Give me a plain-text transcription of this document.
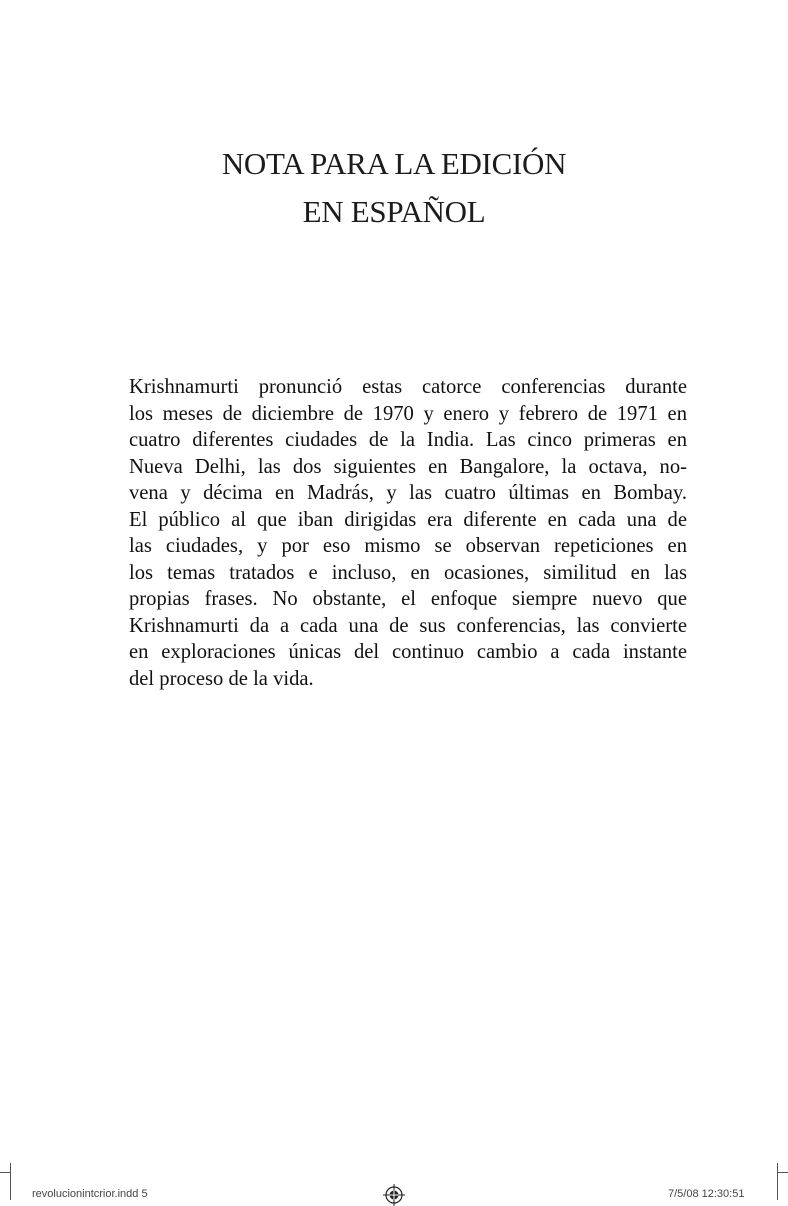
NOTA PARA LA EDICIÓN
EN ESPAÑOL

Krishnamurti pronunció estas catorce conferencias durante
los meses de diciembre de 1970 y enero y febrero de 1971 en
cuatro diferentes ciudades de la India. Las cinco primeras en
Nueva Delhi, las dos siguientes en Bangalore, la octava, no-
vena y décima en Madrás, y las cuatro últimas en Bombay.
El público al que iban dirigidas era diferente en cada una de
las ciudades, y por eso mismo se observan repeticiones en
los temas tratados e incluso, en ocasiones, similitud en las
propias frases. No obstante, el enfoque siempre nuevo que
Krishnamurti da a cada una de sus conferencias, las convierte
en exploraciones únicas del continuo cambio a cada instante
del proceso de la vida.

revolucionintcrior.indd 5	7/5/08 12:30:51
